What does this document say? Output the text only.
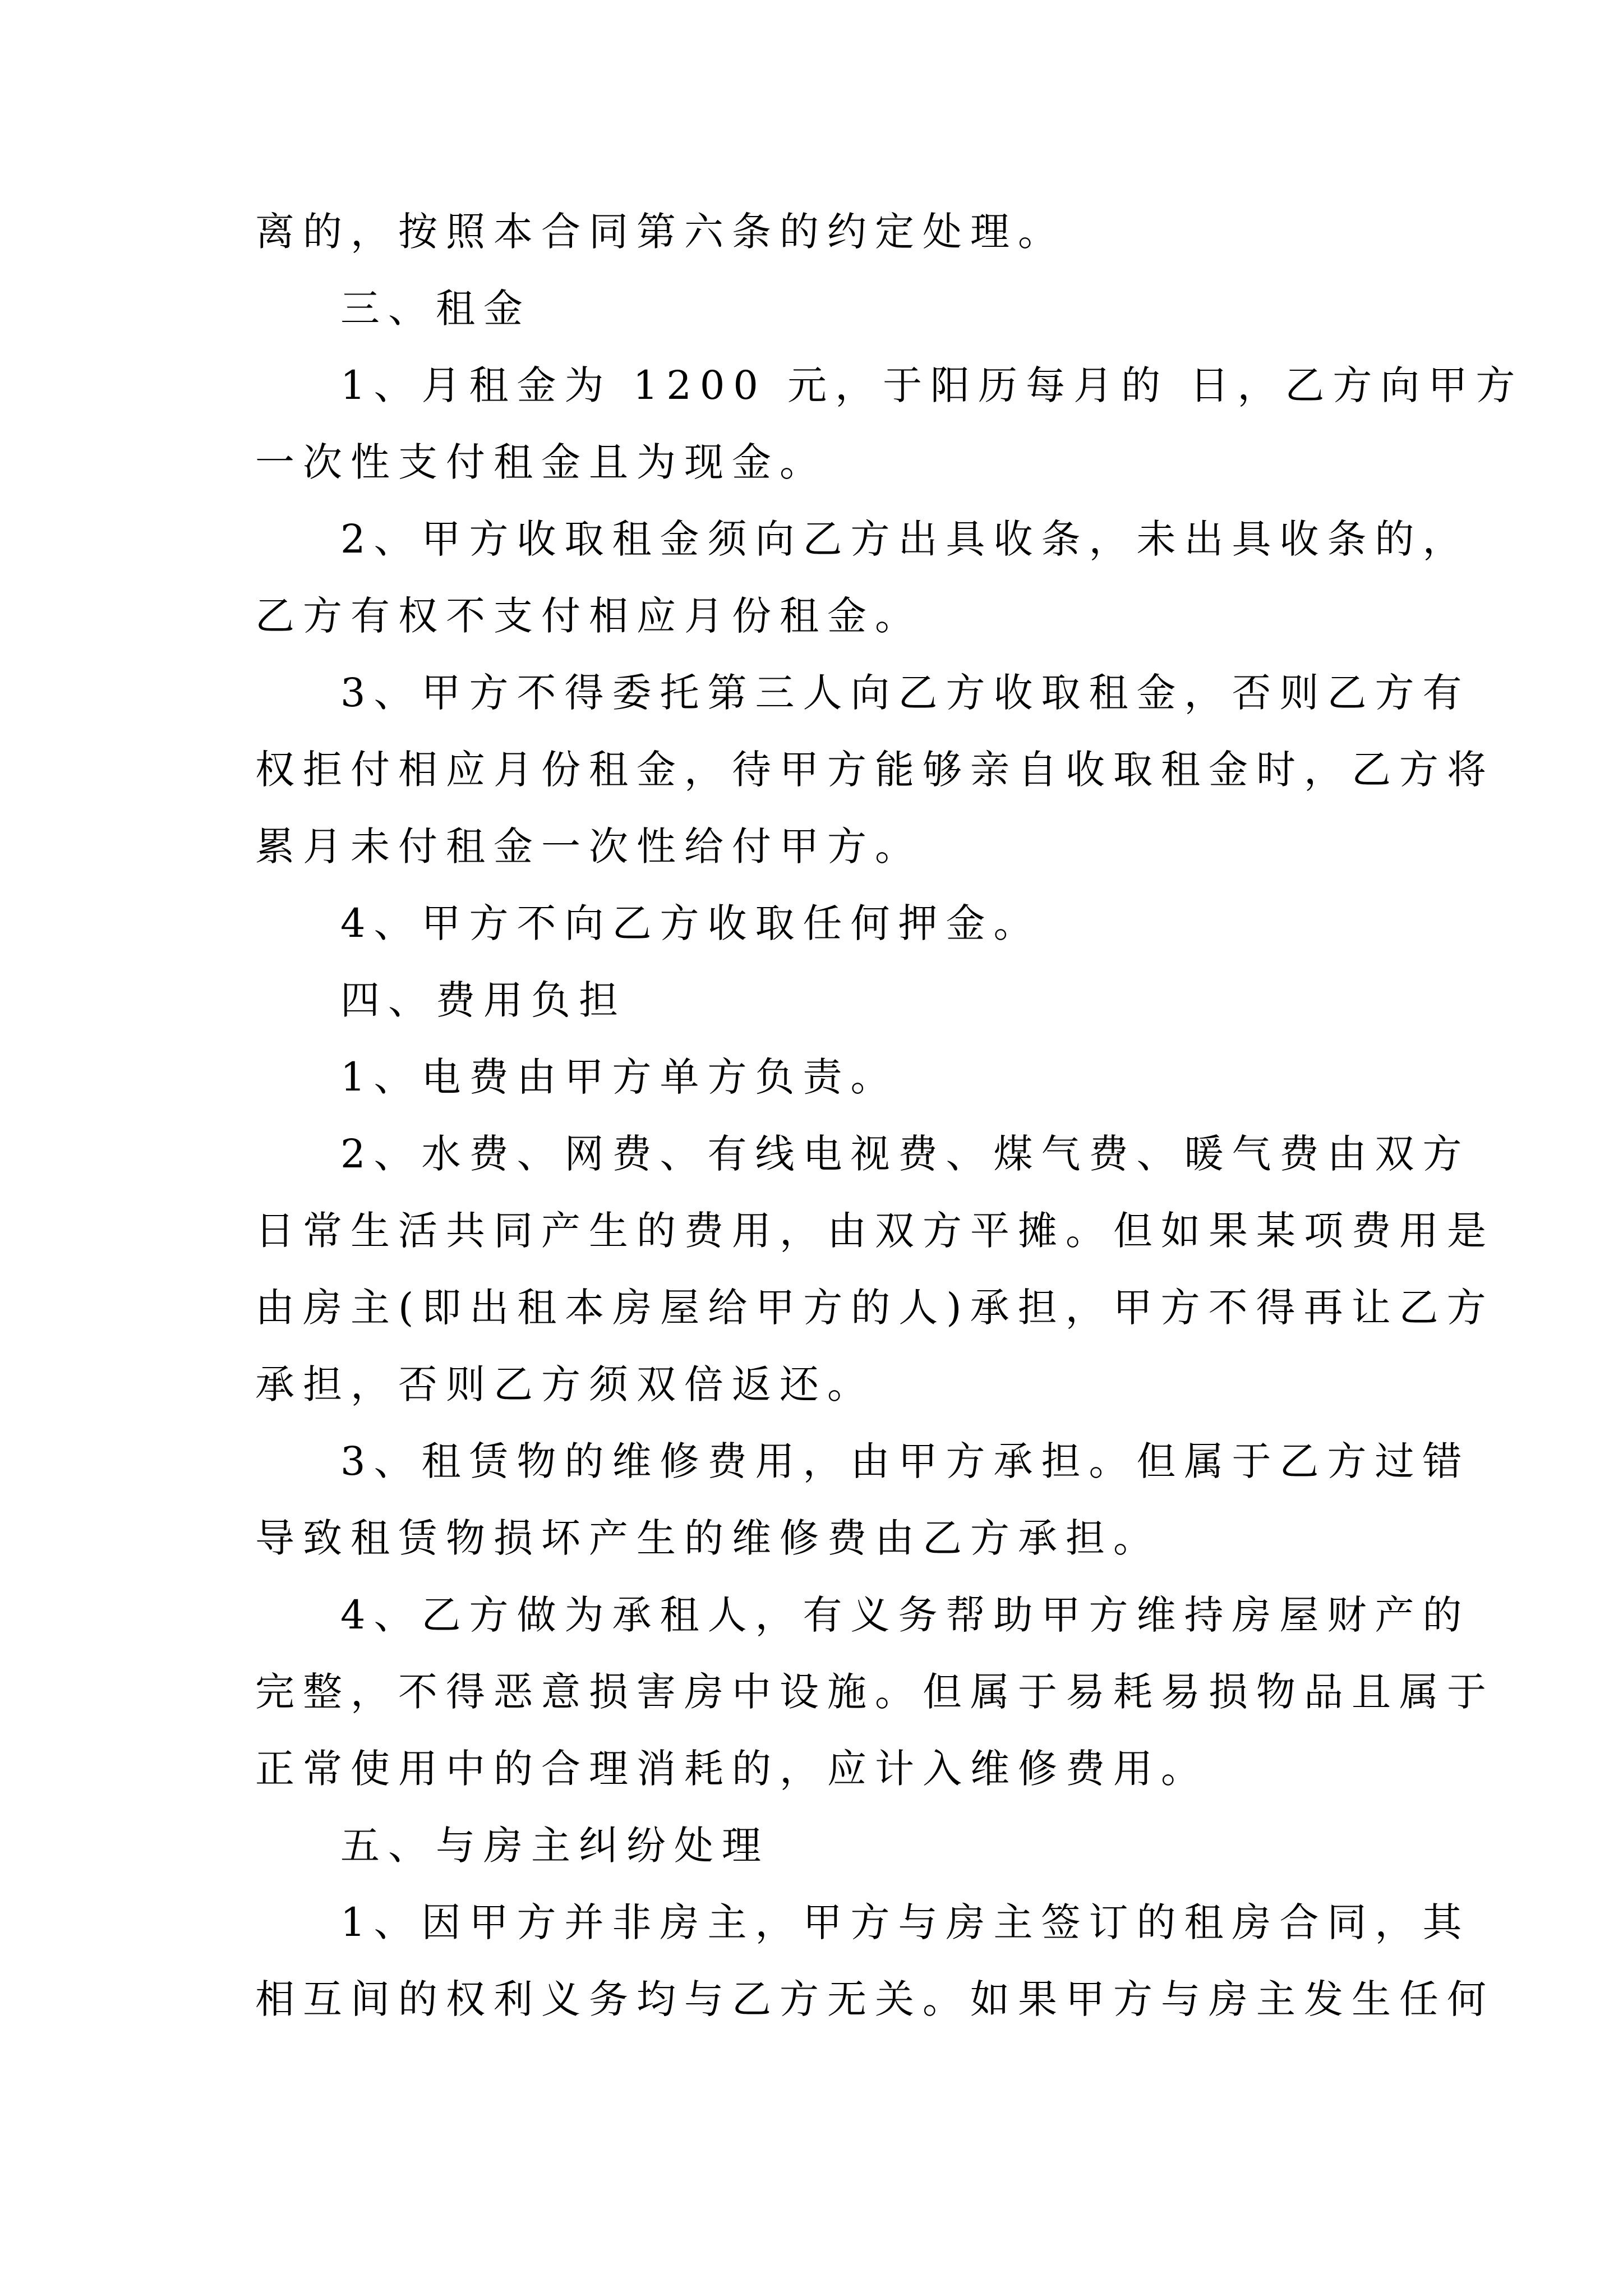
离的，按照本合同第六条的约定处理。

三、租金

1、月租金为 1200 元，于阳历每月的 日，乙方向甲方

一次性支付租金且为现金。

2、甲方收取租金须向乙方出具收条，未出具收条的，

乙方有权不支付相应月份租金。

3、甲方不得委托第三人向乙方收取租金，否则乙方有

权拒付相应月份租金，待甲方能够亲自收取租金时，乙方将

累月未付租金一次性给付甲方。

4、甲方不向乙方收取任何押金。

四、费用负担

1、电费由甲方单方负责。

2、水费、网费、有线电视费、煤气费、暖气费由双方

日常生活共同产生的费用，由双方平摊。但如果某项费用是

由房主(即出租本房屋给甲方的人)承担，甲方不得再让乙方

承担，否则乙方须双倍返还。

3、租赁物的维修费用，由甲方承担。但属于乙方过错

导致租赁物损坏产生的维修费由乙方承担。

4、乙方做为承租人，有义务帮助甲方维持房屋财产的

完整，不得恶意损害房中设施。但属于易耗易损物品且属于

正常使用中的合理消耗的，应计入维修费用。

五、与房主纠纷处理

1、因甲方并非房主，甲方与房主签订的租房合同，其

相互间的权利义务均与乙方无关。如果甲方与房主发生任何
